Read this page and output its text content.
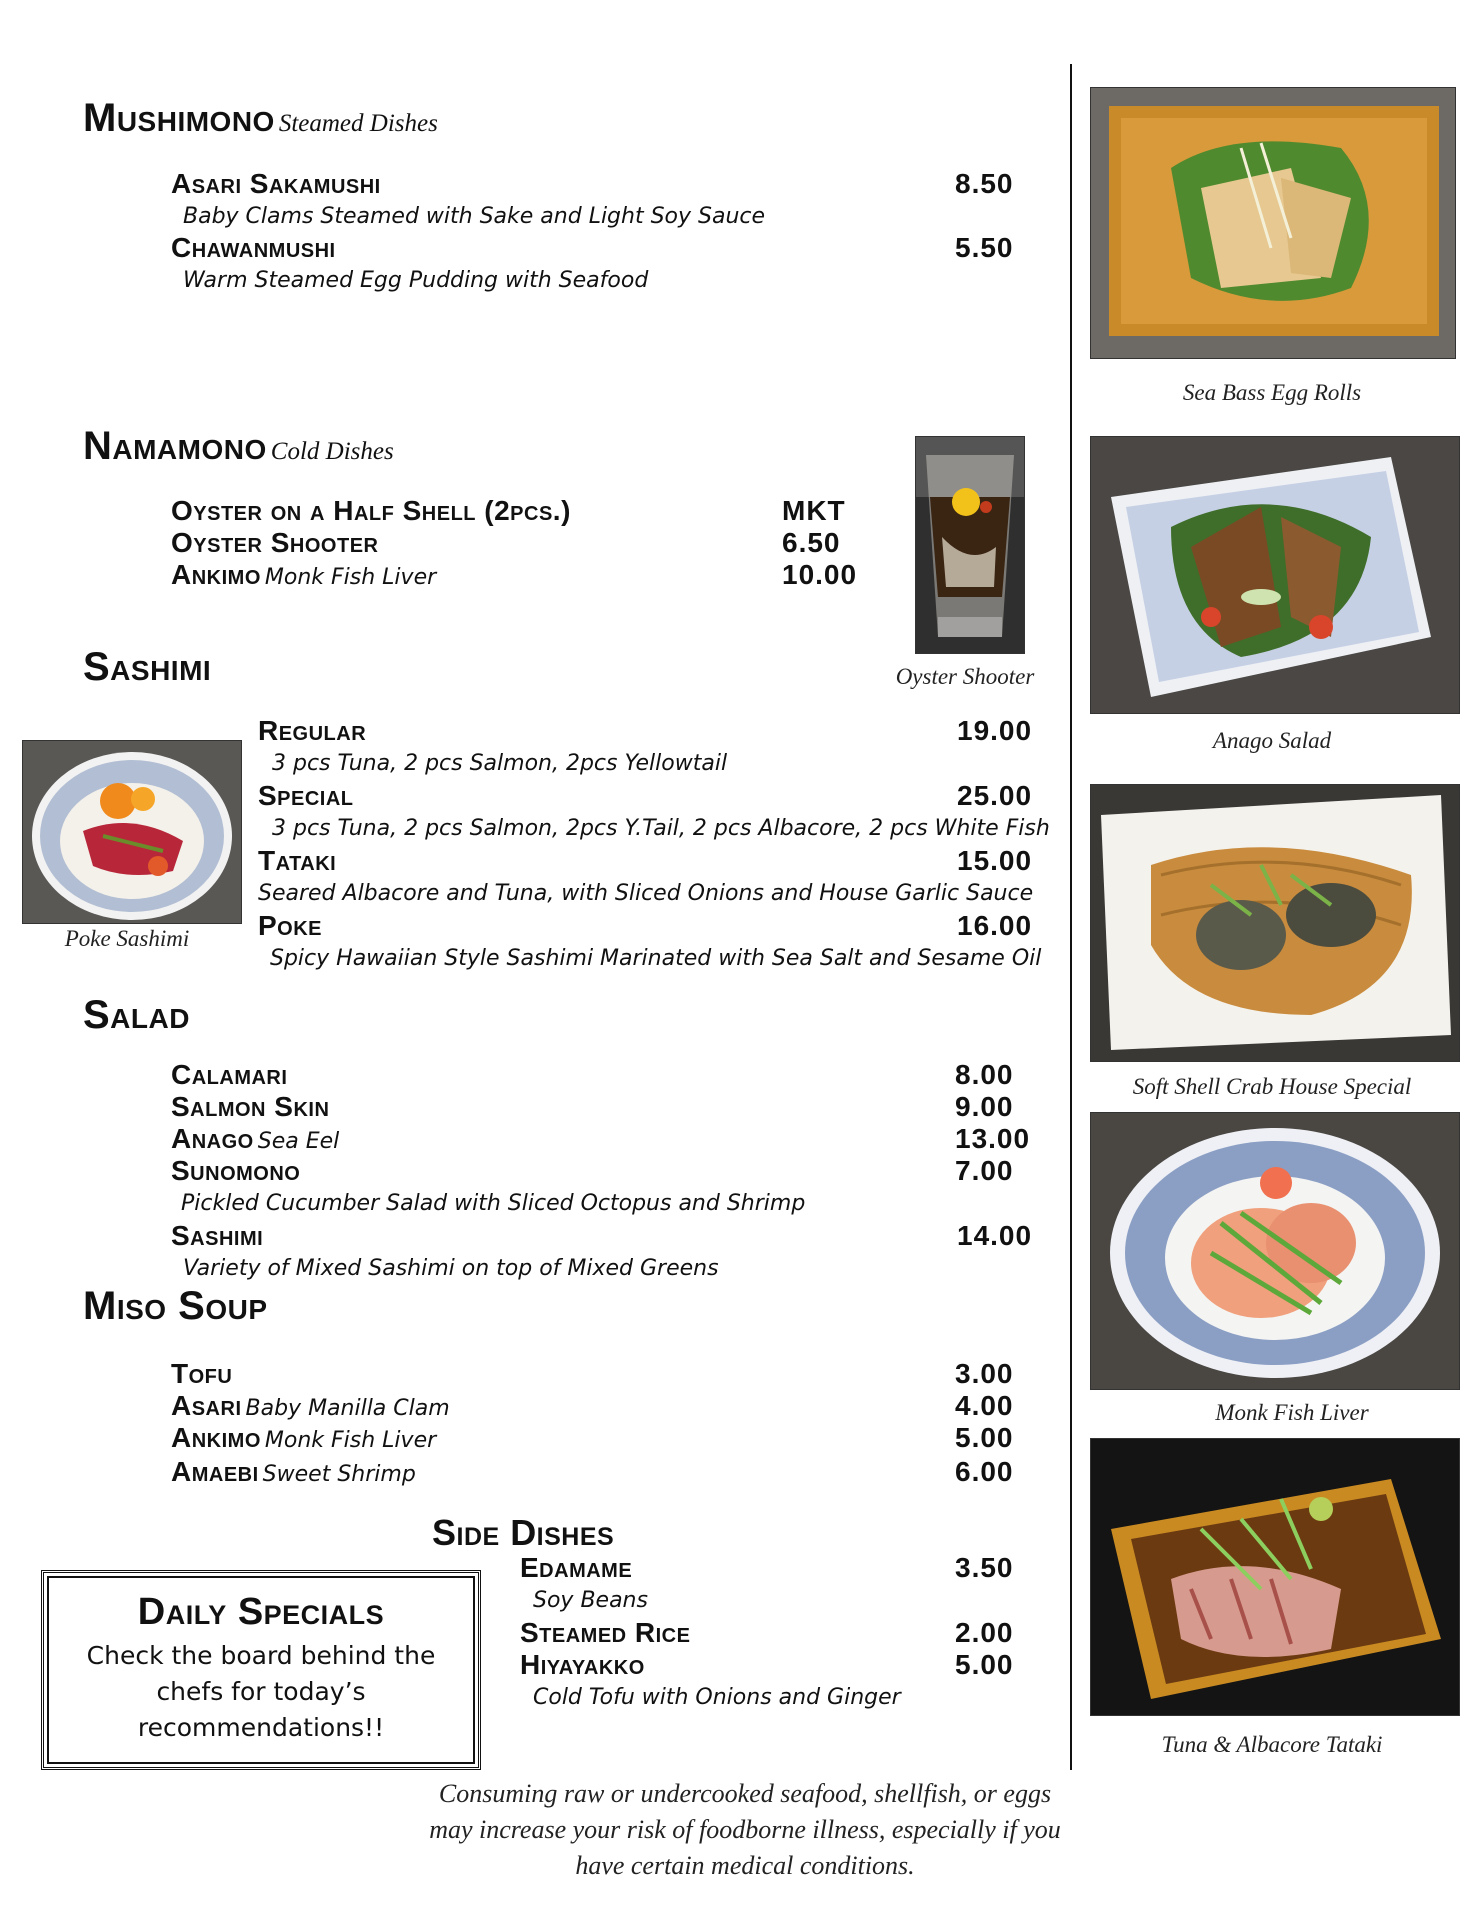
Mushimono Steamed Dishes
Asari Sakamushi	8.50
Baby Clams Steamed with Sake and Light Soy Sauce
Chawanmushi	5.50
Warm Steamed Egg Pudding with Seafood
Namamono Cold Dishes
Oyster on a Half Shell (2pcs.)	MKT
Oyster Shooter	6.50
Ankimo Monk Fish Liver	10.00
Oyster Shooter
Sashimi
Poke Sashimi
Regular	19.00
3 pcs Tuna, 2 pcs Salmon, 2pcs Yellowtail
Special	25.00
3 pcs Tuna, 2 pcs Salmon, 2pcs Y.Tail, 2 pcs Albacore, 2 pcs White Fish
Tataki	15.00
Seared Albacore and Tuna, with Sliced Onions and House Garlic Sauce
Poke	16.00
Spicy Hawaiian Style Sashimi Marinated with Sea Salt and Sesame Oil
Salad
Calamari	8.00
Salmon Skin	9.00
Anago Sea Eel	13.00
Sunomono	7.00
Pickled Cucumber Salad with Sliced Octopus and Shrimp
Sashimi	14.00
Variety of Mixed Sashimi on top of Mixed Greens
Miso Soup
Tofu	3.00
Asari Baby Manilla Clam	4.00
Ankimo Monk Fish Liver	5.00
Amaebi Sweet Shrimp	6.00
Side Dishes
Edamame	3.50
Soy Beans
Steamed Rice	2.00
Hiyayakko	5.00
Cold Tofu with Onions and Ginger
Daily Specials
Check the board behind the chefs for today’s recommendations!!
Consuming raw or undercooked seafood, shellfish, or eggs may increase your risk of foodborne illness, especially if you have certain medical conditions.
Sea Bass Egg Rolls
Anago Salad
Soft Shell Crab House Special
Monk Fish Liver
Tuna & Albacore Tataki
